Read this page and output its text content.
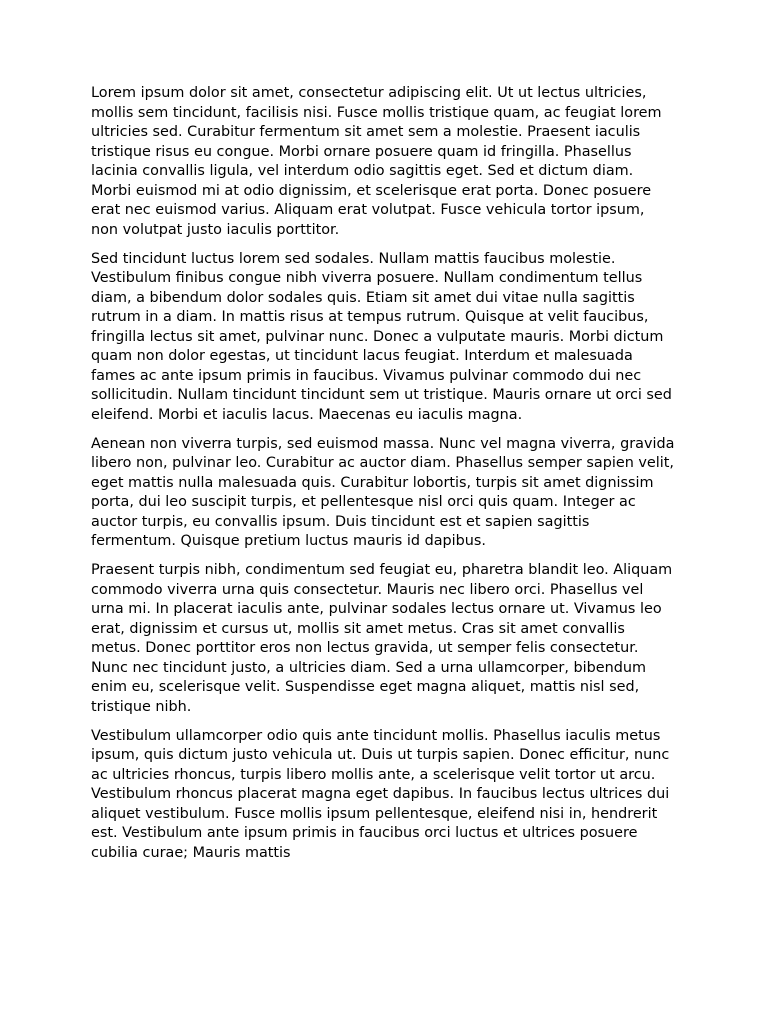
Lorem ipsum dolor sit amet, consectetur adipiscing elit. Ut ut lectus ultricies, mollis sem tincidunt, facilisis nisi. Fusce mollis tristique quam, ac feugiat lorem ultricies sed. Curabitur fermentum sit amet sem a molestie. Praesent iaculis tristique risus eu congue. Morbi ornare posuere quam id fringilla. Phasellus lacinia convallis ligula, vel interdum odio sagittis eget. Sed et dictum diam. Morbi euismod mi at odio dignissim, et scelerisque erat porta. Donec posuere erat nec euismod varius. Aliquam erat volutpat. Fusce vehicula tortor ipsum, non volutpat justo iaculis porttitor.

Sed tincidunt luctus lorem sed sodales. Nullam mattis faucibus molestie. Vestibulum finibus congue nibh viverra posuere. Nullam condimentum tellus diam, a bibendum dolor sodales quis. Etiam sit amet dui vitae nulla sagittis rutrum in a diam. In mattis risus at tempus rutrum. Quisque at velit faucibus, fringilla lectus sit amet, pulvinar nunc. Donec a vulputate mauris. Morbi dictum quam non dolor egestas, ut tincidunt lacus feugiat. Interdum et malesuada fames ac ante ipsum primis in faucibus. Vivamus pulvinar commodo dui nec sollicitudin. Nullam tincidunt tincidunt sem ut tristique. Mauris ornare ut orci sed eleifend. Morbi et iaculis lacus. Maecenas eu iaculis magna.

Aenean non viverra turpis, sed euismod massa. Nunc vel magna viverra, gravida libero non, pulvinar leo. Curabitur ac auctor diam. Phasellus semper sapien velit, eget mattis nulla malesuada quis. Curabitur lobortis, turpis sit amet dignissim porta, dui leo suscipit turpis, et pellentesque nisl orci quis quam. Integer ac auctor turpis, eu convallis ipsum. Duis tincidunt est et sapien sagittis fermentum. Quisque pretium luctus mauris id dapibus.

Praesent turpis nibh, condimentum sed feugiat eu, pharetra blandit leo. Aliquam commodo viverra urna quis consectetur. Mauris nec libero orci. Phasellus vel urna mi. In placerat iaculis ante, pulvinar sodales lectus ornare ut. Vivamus leo erat, dignissim et cursus ut, mollis sit amet metus. Cras sit amet convallis metus. Donec porttitor eros non lectus gravida, ut semper felis consectetur. Nunc nec tincidunt justo, a ultricies diam. Sed a urna ullamcorper, bibendum enim eu, scelerisque velit. Suspendisse eget magna aliquet, mattis nisl sed, tristique nibh.

Vestibulum ullamcorper odio quis ante tincidunt mollis. Phasellus iaculis metus ipsum, quis dictum justo vehicula ut. Duis ut turpis sapien. Donec efficitur, nunc ac ultricies rhoncus, turpis libero mollis ante, a scelerisque velit tortor ut arcu. Vestibulum rhoncus placerat magna eget dapibus. In faucibus lectus ultrices dui aliquet vestibulum. Fusce mollis ipsum pellentesque, eleifend nisi in, hendrerit est. Vestibulum ante ipsum primis in faucibus orci luctus et ultrices posuere cubilia curae; Mauris mattis
